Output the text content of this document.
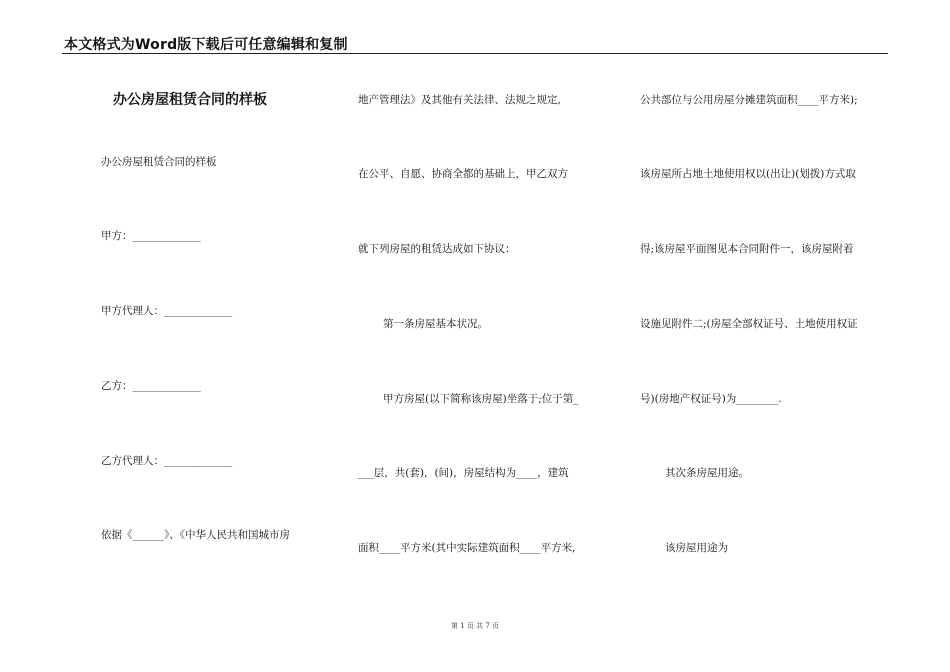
本文格式为Word版下载后可任意编辑和复制
办公房屋租赁合同的样板
办公房屋租赁合同的样板
甲方：_____________
甲方代理人：_____________
乙方：_____________
乙方代理人：_____________
依据《______》、《中华人民共和国城市房
地产管理法》及其他有关法律、法规之规定,
在公平、自愿、协商全都的基础上，甲乙双方
就下列房屋的租赁达成如下协议：
第一条房屋基本状况。
甲方房屋(以下简称该房屋)坐落于;位于第_
___层，共(套)，(间)，房屋结构为____，建筑
面积____平方米(其中实际建筑面积____平方米,
公共部位与公用房屋分摊建筑面积____平方米);
该房屋所占地土地使用权以(出让)(划拨)方式取
得;该房屋平面图见本合同附件一，该房屋附着
设施见附件二;(房屋全部权证号、土地使用权证
号)(房地产权证号)为________.
其次条房屋用途。
该房屋用途为
第 1 页 共 7 页
